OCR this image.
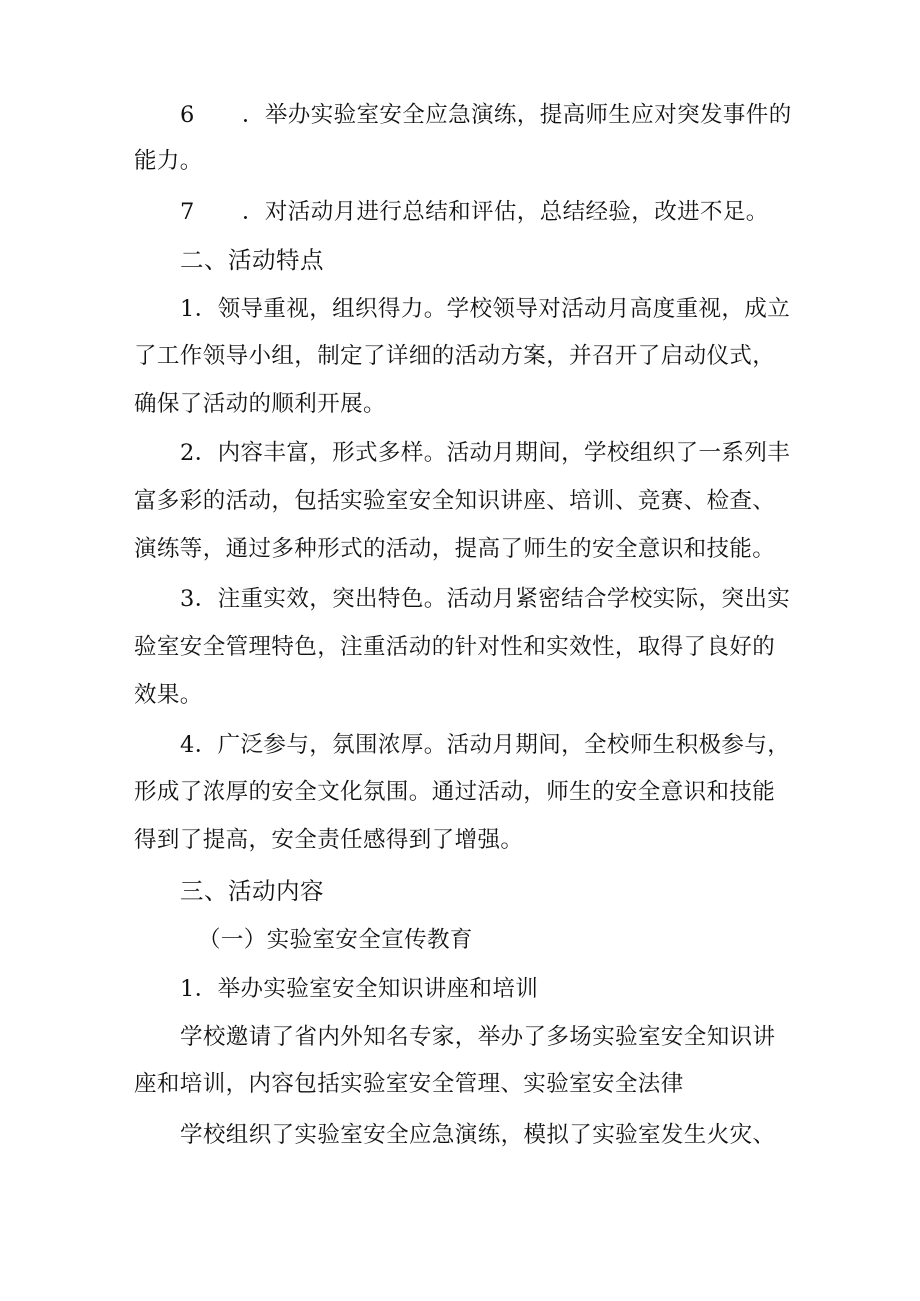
6 ．举办实验室安全应急演练，提高师生应对突发事件的
能力。
7 ．对活动月进行总结和评估，总结经验，改进不足。
二、活动特点
1．领导重视，组织得力。学校领导对活动月高度重视，成立
了工作领导小组，制定了详细的活动方案，并召开了启动仪式，
确保了活动的顺利开展。
2．内容丰富，形式多样。活动月期间，学校组织了一系列丰
富多彩的活动，包括实验室安全知识讲座、培训、竞赛、检查、
演练等，通过多种形式的活动，提高了师生的安全意识和技能。
3．注重实效，突出特色。活动月紧密结合学校实际，突出实
验室安全管理特色，注重活动的针对性和实效性，取得了良好的
效果。
4．广泛参与，氛围浓厚。活动月期间，全校师生积极参与，
形成了浓厚的安全文化氛围。通过活动，师生的安全意识和技能
得到了提高，安全责任感得到了增强。
三、活动内容
（一）实验室安全宣传教育
1．举办实验室安全知识讲座和培训
学校邀请了省内外知名专家，举办了多场实验室安全知识讲
座和培训，内容包括实验室安全管理、实验室安全法律
学校组织了实验室安全应急演练，模拟了实验室发生火灾、
